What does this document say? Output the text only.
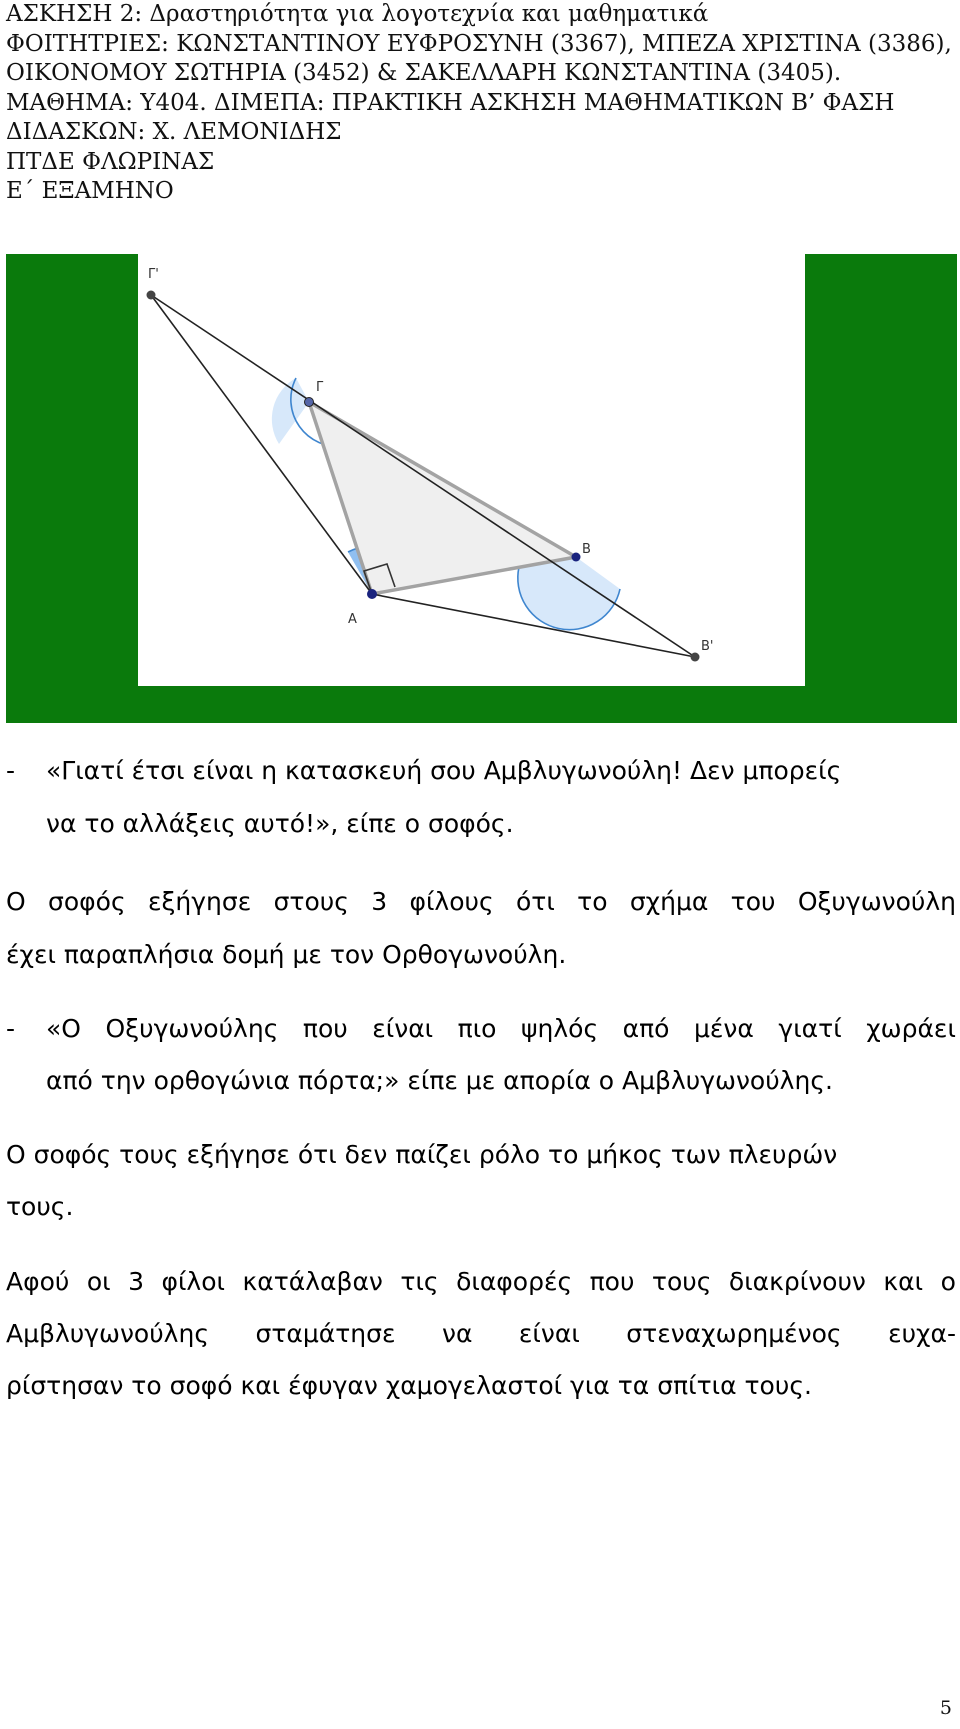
ΑΣΚΗΣΗ 2: Δραστηριότητα για λογοτεχνία και μαθηματικά
ΦΟΙΤΗΤΡΙΕΣ: ΚΩΝΣΤΑΝΤΙΝΟΥ ΕΥΦΡΟΣΥΝΗ (3367), ΜΠΕΖΑ ΧΡΙΣΤΙΝΑ (3386),
ΟΙΚΟΝΟΜΟΥ ΣΩΤΗΡΙΑ (3452) & ΣΑΚΕΛΛΑΡΗ ΚΩΝΣΤΑΝΤΙΝΑ (3405).
ΜΑΘΗΜΑ: Υ404. ΔΙΜΕΠΑ: ΠΡΑΚΤΙΚΗ ΑΣΚΗΣΗ ΜΑΘΗΜΑΤΙΚΩΝ Β’ ΦΑΣΗ
ΔΙΔΑΣΚΩΝ: Χ. ΛΕΜΟΝΙΔΗΣ
ΠΤΔΕ ΦΛΩΡΙΝΑΣ
Ε΄ ΕΞΑΜΗΝΟ
Γ'
Γ
Β
Α
Β'
- «Γιατί έτσι είναι η κατασκευή σου Αμβλυγωνούλη! Δεν μπορείς
να το αλλάξεις αυτό!», είπε ο σοφός.
Ο σοφός εξήγησε στους 3 φίλους ότι το σχήμα του Οξυγωνούλη
έχει παραπλήσια δομή με τον Ορθογωνούλη.
- «Ο Οξυγωνούλης που είναι πιο ψηλός από μένα γιατί χωράει
από την ορθογώνια πόρτα;» είπε με απορία ο Αμβλυγωνούλης.
Ο σοφός τους εξήγησε ότι δεν παίζει ρόλο το μήκος των πλευρών
τους.
Αφού οι 3 φίλοι κατάλαβαν τις διαφορές που τους διακρίνουν και ο
Αμβλυγωνούλης σταμάτησε να είναι στεναχωρημένος ευχα-
ρίστησαν το σοφό και έφυγαν χαμογελαστοί για τα σπίτια τους.
5
